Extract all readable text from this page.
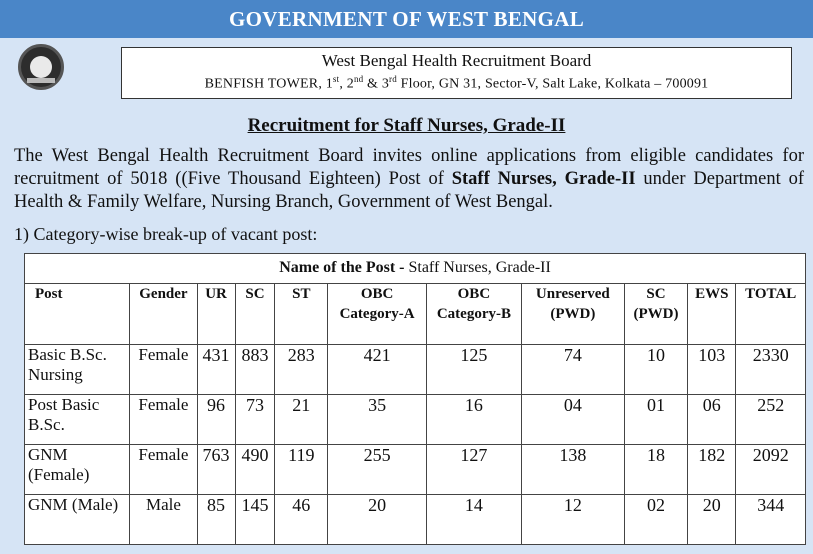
GOVERNMENT OF WEST BENGAL
West Bengal Health Recruitment Board
BENFISH TOWER, 1st, 2nd & 3rd Floor, GN 31, Sector-V, Salt Lake, Kolkata – 700091
Recruitment for Staff Nurses, Grade-II
The West Bengal Health Recruitment Board invites online applications from eligible candidates for recruitment of 5018 ((Five Thousand Eighteen) Post of Staff Nurses, Grade-II under Department of Health & Family Welfare, Nursing Branch, Government of West Bengal.
1) Category-wise break-up of vacant post:
Name of the Post - Staff Nurses, Grade-II										
Post	Gender	UR	SC	ST	OBC Category-A	OBC Category-B	Unreserved (PWD)	SC (PWD)	EWS	TOTAL
Basic B.Sc. Nursing	Female	431	883	283	421	125	74	10	103	2330
Post Basic B.Sc.	Female	96	73	21	35	16	04	01	06	252
GNM (Female)	Female	763	490	119	255	127	138	18	182	2092
GNM (Male)	Male	85	145	46	20	14	12	02	20	344
